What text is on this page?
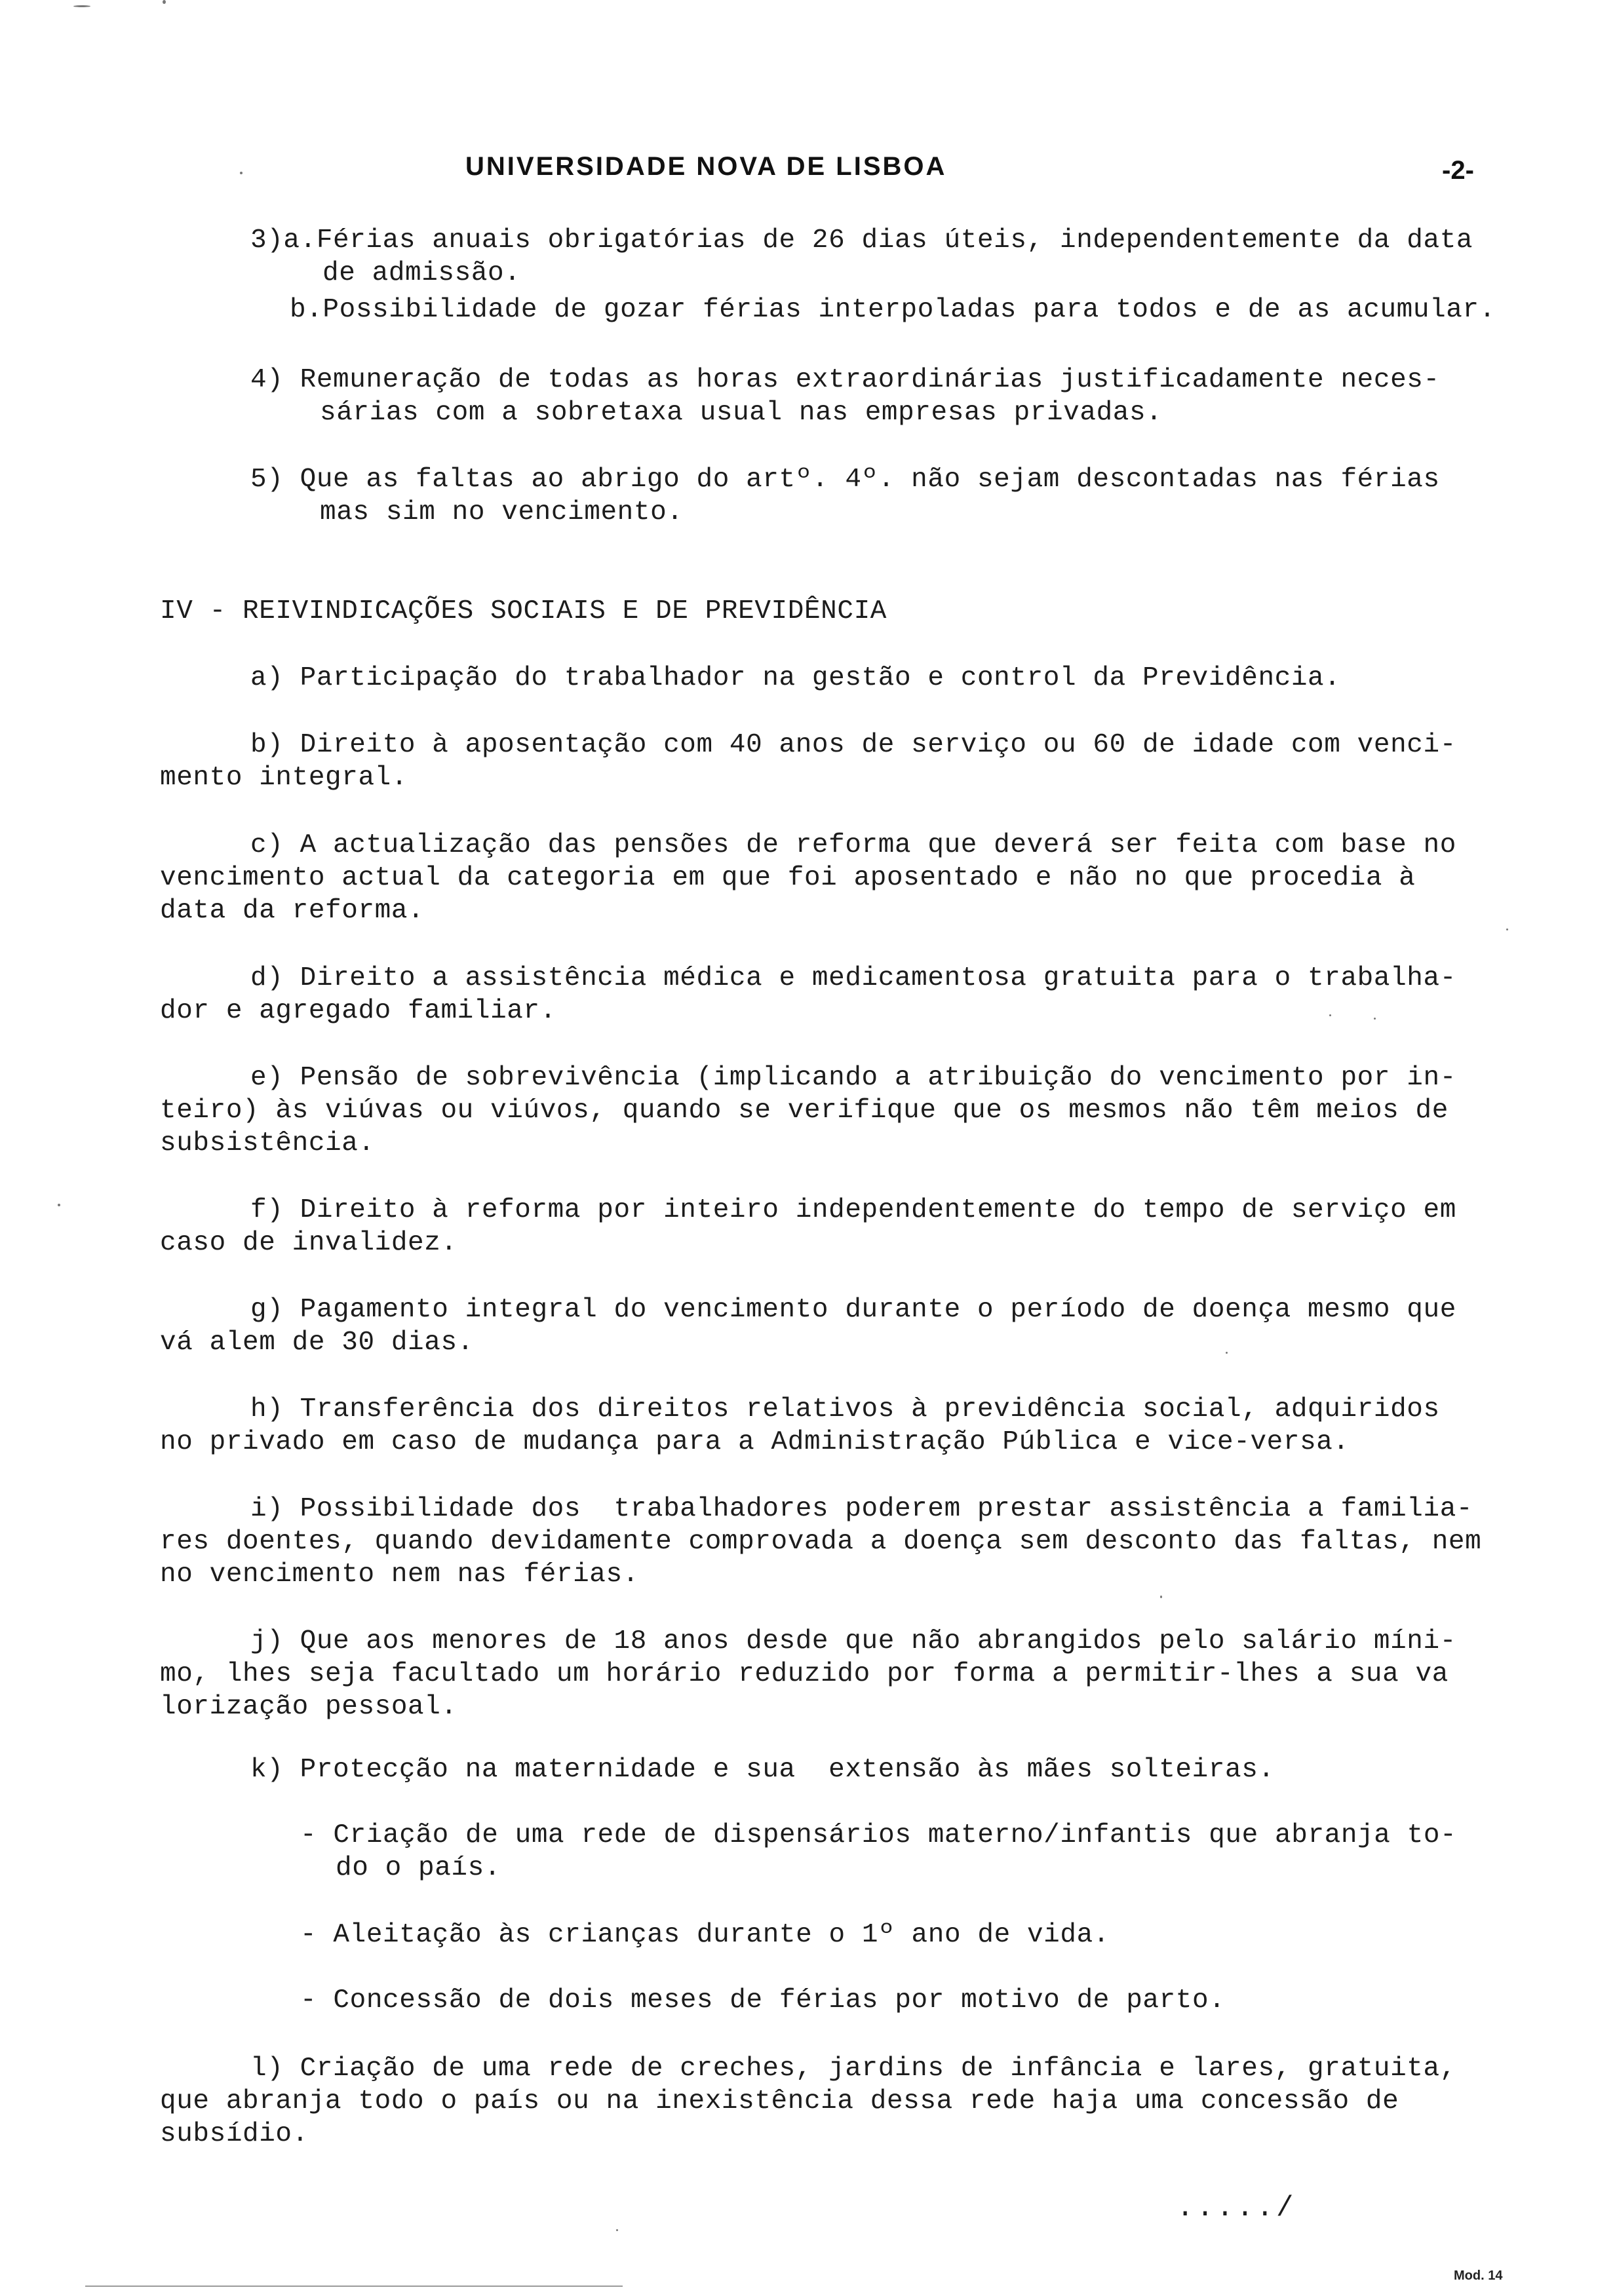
UNIVERSIDADE NOVA DE LISBOA	-2-
3)a.Férias anuais obrigatórias de 26 dias úteis, independentemente da data
de admissão.
b.Possibilidade de gozar férias interpoladas para todos e de as acumular.
4) Remuneração de todas as horas extraordinárias justificadamente neces-
sárias com a sobretaxa usual nas empresas privadas.
5) Que as faltas ao abrigo do artº. 4º. não sejam descontadas nas férias
mas sim no vencimento.
IV - REIVINDICAÇÕES SOCIAIS E DE PREVIDÊNCIA
a) Participação do trabalhador na gestão e control da Previdência.
b) Direito à aposentação com 40 anos de serviço ou 60 de idade com venci-
mento integral.
c) A actualização das pensões de reforma que deverá ser feita com base no
vencimento actual da categoria em que foi aposentado e não no que procedia à
data da reforma.
d) Direito a assistência médica e medicamentosa gratuita para o trabalha-
dor e agregado familiar.
e) Pensão de sobrevivência (implicando a atribuição do vencimento por in-
teiro) às viúvas ou viúvos, quando se verifique que os mesmos não têm meios de
subsistência.
f) Direito à reforma por inteiro independentemente do tempo de serviço em
caso de invalidez.
g) Pagamento integral do vencimento durante o período de doença mesmo que
vá alem de 30 dias.
h) Transferência dos direitos relativos à previdência social, adquiridos
no privado em caso de mudança para a Administração Pública e vice-versa.
i) Possibilidade dos  trabalhadores poderem prestar assistência a familia-
res doentes, quando devidamente comprovada a doença sem desconto das faltas, nem
no vencimento nem nas férias.
j) Que aos menores de 18 anos desde que não abrangidos pelo salário míni-
mo, lhes seja facultado um horário reduzido por forma a permitir-lhes a sua va
lorização pessoal.
k) Protecção na maternidade e sua  extensão às mães solteiras.
- Criação de uma rede de dispensários materno/infantis que abranja to-
do o país.
- Aleitação às crianças durante o 1º ano de vida.
- Concessão de dois meses de férias por motivo de parto.
l) Criação de uma rede de creches, jardins de infância e lares, gratuita,
que abranja todo o país ou na inexistência dessa rede haja uma concessão de
subsídio.
...../
Mod. 14
